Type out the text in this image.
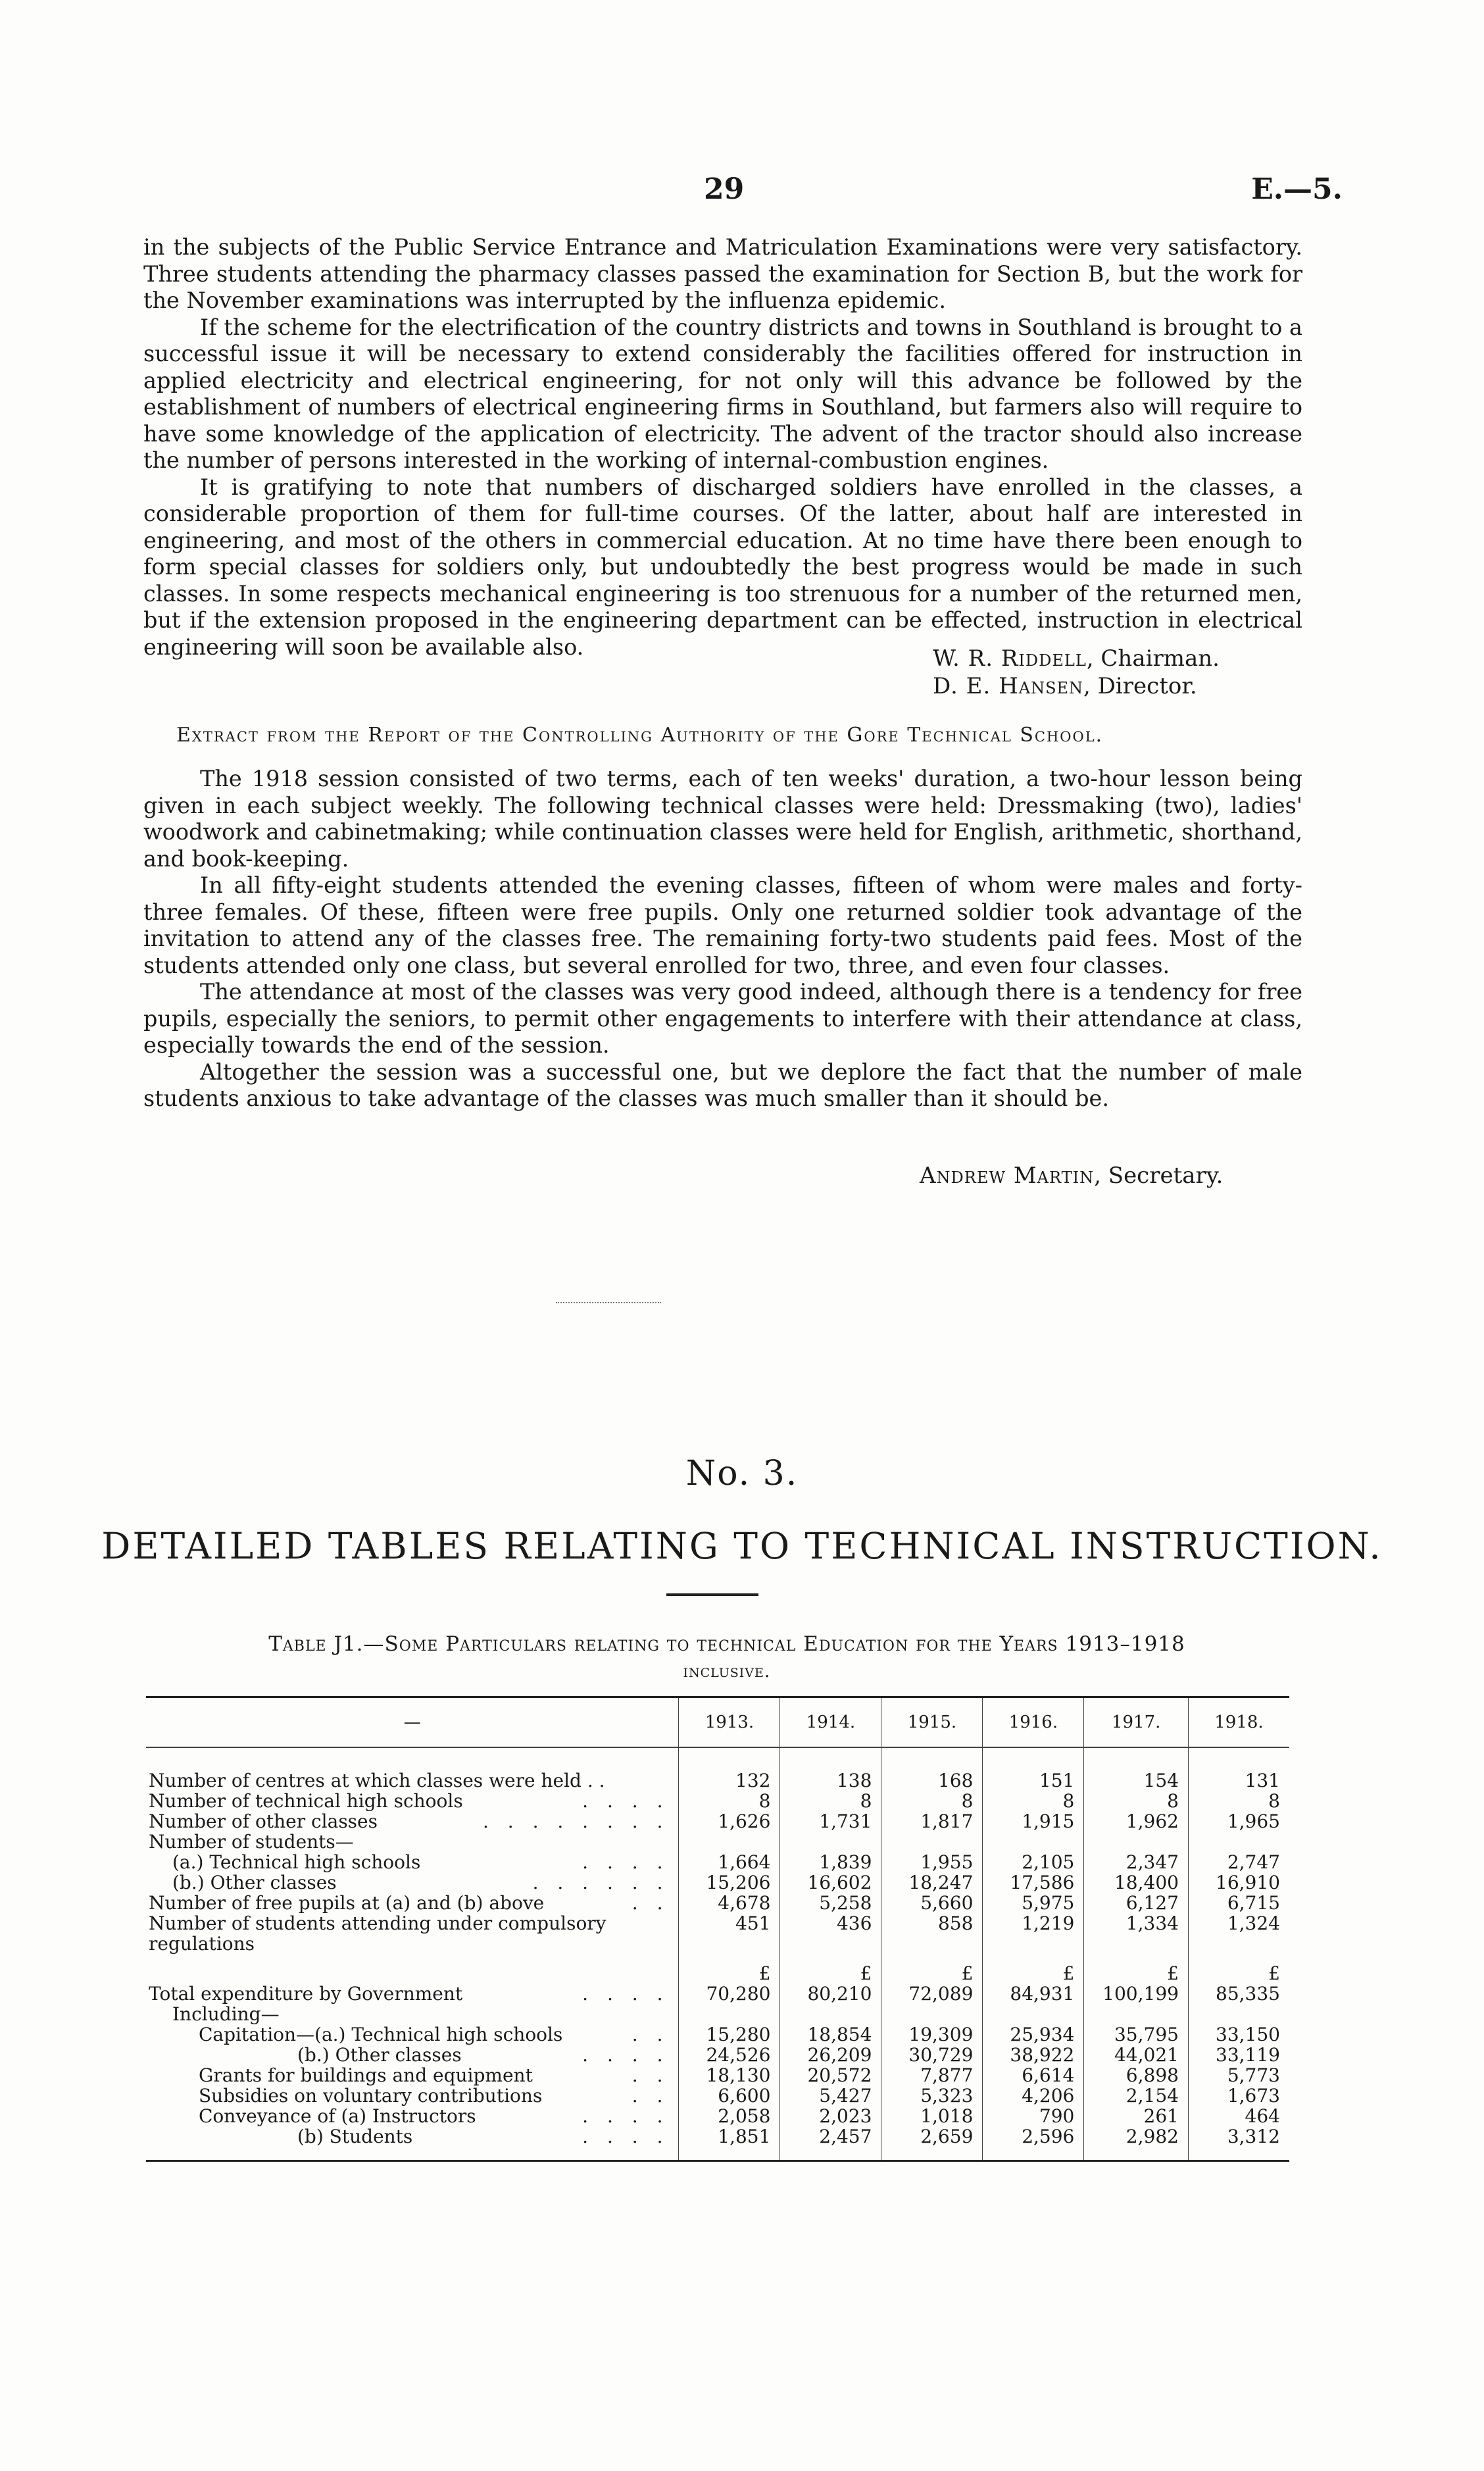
29	E.—5.

in the subjects of the Public Service Entrance and Matriculation Examinations were very satisfactory. Three students attending the pharmacy classes passed the examination for Section B, but the work for the November examinations was interrupted by the influenza epidemic.

If the scheme for the electrification of the country districts and towns in Southland is brought to a successful issue it will be necessary to extend considerably the facilities offered for instruction in applied electricity and electrical engineering, for not only will this advance be followed by the establishment of numbers of electrical engineering firms in Southland, but farmers also will require to have some knowledge of the application of electricity. The advent of the tractor should also increase the number of persons interested in the working of internal-combustion engines.

It is gratifying to note that numbers of discharged soldiers have enrolled in the classes, a considerable proportion of them for full-time courses. Of the latter, about half are interested in engineering, and most of the others in commercial education. At no time have there been enough to form special classes for soldiers only, but undoubtedly the best progress would be made in such classes. In some respects mechanical engineering is too strenuous for a number of the returned men, but if the extension proposed in the engineering department can be effected, instruction in electrical engineering will soon be available also.	W. R. Riddell, Chairman.
D. E. Hansen, Director.
Extract from the Report of the Controlling Authority of the Gore Technical School.

The 1918 session consisted of two terms, each of ten weeks' duration, a two-hour lesson being given in each subject weekly. The following technical classes were held: Dressmaking (two), ladies' woodwork and cabinetmaking; while continuation classes were held for English, arithmetic, shorthand, and book-keeping.

In all fifty-eight students attended the evening classes, fifteen of whom were males and forty-three females. Of these, fifteen were free pupils. Only one returned soldier took advantage of the invitation to attend any of the classes free. The remaining forty-two students paid fees. Most of the students attended only one class, but several enrolled for two, three, and even four classes.

The attendance at most of the classes was very good indeed, although there is a tendency for free pupils, especially the seniors, to permit other engagements to interfere with their attendance at class, especially towards the end of the session.

Altogether the session was a successful one, but we deplore the fact that the number of male students anxious to take advantage of the classes was much smaller than it should be.

Andrew Martin, Secretary.
No. 3.
DETAILED TABLES RELATING TO TECHNICAL INSTRUCTION.
Table J1.—Some Particulars relating to technical Education for the Years 1913–1918
inclusive.
—	1913.	1914.	1915.	1916.	1917.	1918.
Number of centres at which classes were held . .	132	138	168	151	154	131
Number of technical high schools . . . .	8	8	8	8	8	8
Number of other classes . . . . . . . .	1,626	1,731	1,817	1,915	1,962	1,965
Number of students—						
(a.) Technical high schools . . . .	1,664	1,839	1,955	2,105	2,347	2,747
(b.) Other classes . . . . . .	15,206	16,602	18,247	17,586	18,400	16,910
Number of free pupils at (a) and (b) above . .	4,678	5,258	5,660	5,975	6,127	6,715
Number of students attending under compulsory regulations	451	436	858	1,219	1,334	1,324
	£	£	£	£	£	£
Total expenditure by Government . . . .	70,280	80,210	72,089	84,931	100,199	85,335
Including—						
Capitation—(a.) Technical high schools . .	15,280	18,854	19,309	25,934	35,795	33,150
(b.) Other classes . . . .	24,526	26,209	30,729	38,922	44,021	33,119
Grants for buildings and equipment . .	18,130	20,572	7,877	6,614	6,898	5,773
Subsidies on voluntary contributions . .	6,600	5,427	5,323	4,206	2,154	1,673
Conveyance of (a) Instructors . . . .	2,058	2,023	1,018	790	261	464
(b) Students . . . .	1,851	2,457	2,659	2,596	2,982	3,312
